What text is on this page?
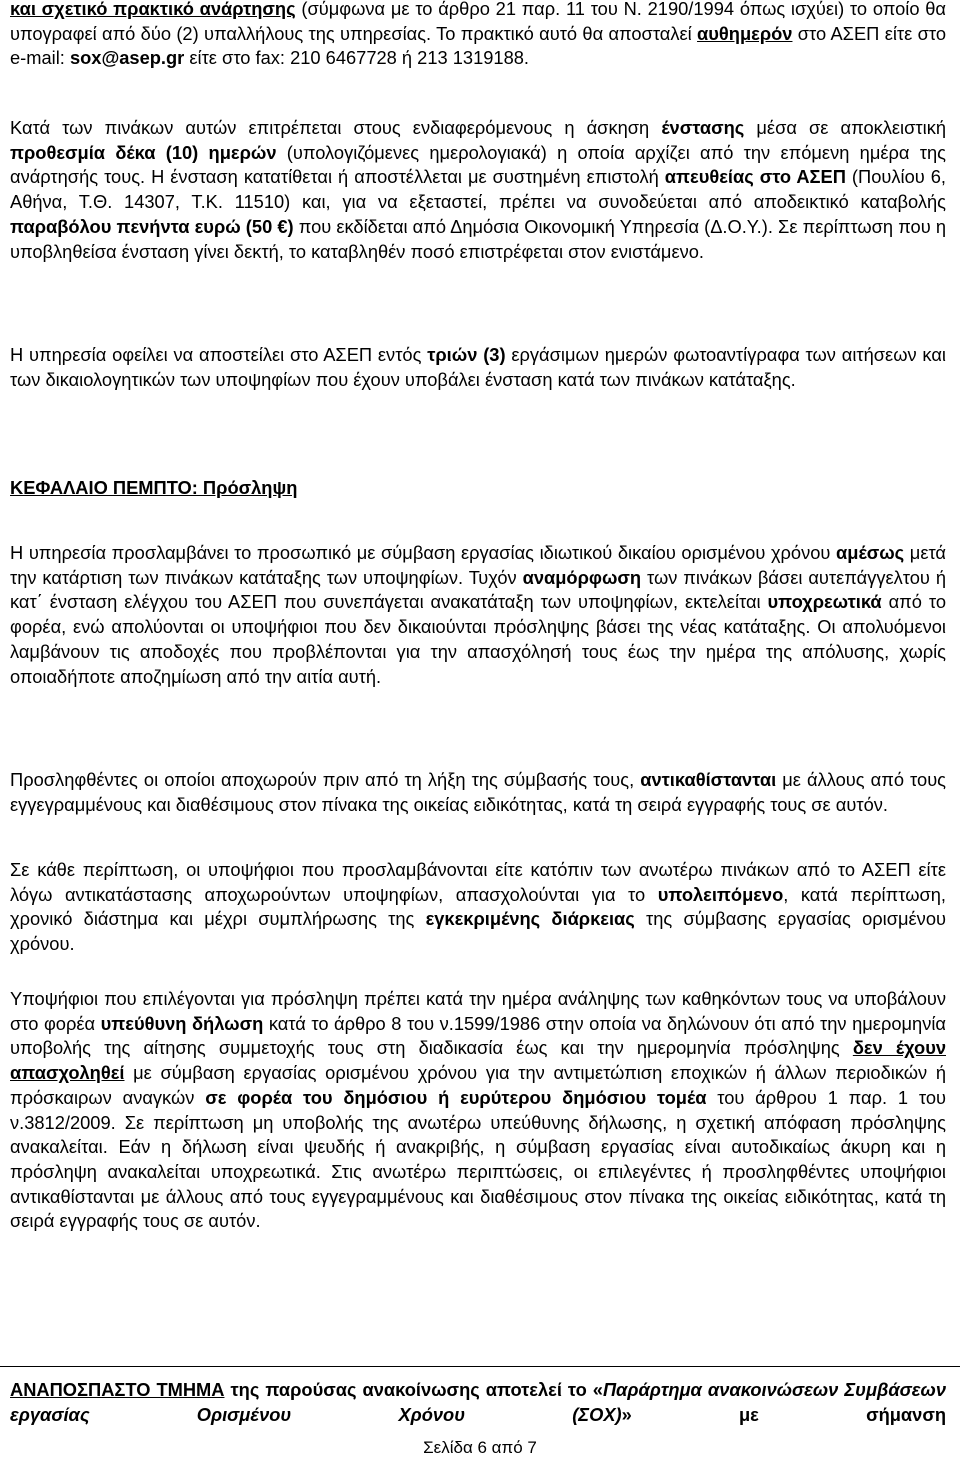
και σχετικό πρακτικό ανάρτησης (σύμφωνα με το άρθρο 21 παρ. 11 του Ν. 2190/1994 όπως ισχύει) το οποίο θα υπογραφεί από δύο (2) υπαλλήλους της υπηρεσίας. Το πρακτικό αυτό θα αποσταλεί αυθημερόν στο ΑΣΕΠ είτε στο e-mail: sox@asep.gr είτε στο fax: 210 6467728 ή 213 1319188.

Κατά των πινάκων αυτών επιτρέπεται στους ενδιαφερόμενους η άσκηση ένστασης μέσα σε αποκλειστική προθεσμία δέκα (10) ημερών (υπολογιζόμενες ημερολογιακά) η οποία αρχίζει από την επόμενη ημέρα της ανάρτησής τους. Η ένσταση κατατίθεται ή αποστέλλεται με συστημένη επιστολή απευθείας στο ΑΣΕΠ (Πουλίου 6, Αθήνα, Τ.Θ. 14307, Τ.Κ. 11510) και, για να εξεταστεί, πρέπει να συνοδεύεται από αποδεικτικό καταβολής παραβόλου πενήντα ευρώ (50 €) που εκδίδεται από Δημόσια Οικονομική Υπηρεσία (Δ.Ο.Υ.). Σε περίπτωση που η υποβληθείσα ένσταση γίνει δεκτή, το καταβληθέν ποσό επιστρέφεται στον ενιστάμενο.

Η υπηρεσία οφείλει να αποστείλει στο ΑΣΕΠ εντός τριών (3) εργάσιμων ημερών φωτοαντίγραφα των αιτήσεων και των δικαιολογητικών των υποψηφίων που έχουν υποβάλει ένσταση κατά των πινάκων κατάταξης.

ΚΕΦΑΛΑΙΟ ΠΕΜΠΤΟ: Πρόσληψη

Η υπηρεσία προσλαμβάνει το προσωπικό με σύμβαση εργασίας ιδιωτικού δικαίου ορισμένου χρόνου αμέσως μετά την κατάρτιση των πινάκων κατάταξης των υποψηφίων. Τυχόν αναμόρφωση των πινάκων βάσει αυτεπάγγελτου ή κατ΄ ένσταση ελέγχου του ΑΣΕΠ που συνεπάγεται ανακατάταξη των υποψηφίων, εκτελείται υποχρεωτικά από το φορέα, ενώ απολύονται οι υποψήφιοι που δεν δικαιούνται πρόσληψης βάσει της νέας κατάταξης. Οι απολυόμενοι λαμβάνουν τις αποδοχές που προβλέπονται για την απασχόλησή τους έως την ημέρα της απόλυσης, χωρίς οποιαδήποτε αποζημίωση από την αιτία αυτή.

Προσληφθέντες οι οποίοι αποχωρούν πριν από τη λήξη της σύμβασής τους, αντικαθίστανται με άλλους από τους εγγεγραμμένους και διαθέσιμους στον πίνακα της οικείας ειδικότητας, κατά τη σειρά εγγραφής τους σε αυτόν.

Σε κάθε περίπτωση, οι υποψήφιοι που προσλαμβάνονται είτε κατόπιν των ανωτέρω πινάκων από το ΑΣΕΠ είτε λόγω αντικατάστασης αποχωρούντων υποψηφίων, απασχολούνται για το υπολειπόμενο, κατά περίπτωση, χρονικό διάστημα και μέχρι συμπλήρωσης της εγκεκριμένης διάρκειας της σύμβασης εργασίας ορισμένου χρόνου.

Υποψήφιοι που επιλέγονται για πρόσληψη πρέπει κατά την ημέρα ανάληψης των καθηκόντων τους να υποβάλουν στο φορέα υπεύθυνη δήλωση κατά το άρθρο 8 του ν.1599/1986 στην οποία να δηλώνουν ότι από την ημερομηνία υποβολής της αίτησης συμμετοχής τους στη διαδικασία έως και την ημερομηνία πρόσληψης δεν έχουν απασχοληθεί με σύμβαση εργασίας ορισμένου χρόνου για την αντιμετώπιση εποχικών ή άλλων περιοδικών ή πρόσκαιρων αναγκών σε φορέα του δημόσιου ή ευρύτερου δημόσιου τομέα του άρθρου 1 παρ. 1 του ν.3812/2009. Σε περίπτωση μη υποβολής της ανωτέρω υπεύθυνης δήλωσης, η σχετική απόφαση πρόσληψης ανακαλείται. Εάν η δήλωση είναι ψευδής ή ανακριβής, η σύμβαση εργασίας είναι αυτοδικαίως άκυρη και η πρόσληψη ανακαλείται υποχρεωτικά. Στις ανωτέρω περιπτώσεις, οι επιλεγέντες ή προσληφθέντες υποψήφιοι αντικαθίστανται με άλλους από τους εγγεγραμμένους και διαθέσιμους στον πίνακα της οικείας ειδικότητας, κατά τη σειρά εγγραφής τους σε αυτόν.

ΑΝΑΠΟΣΠΑΣΤΟ ΤΜΗΜΑ της παρούσας ανακοίνωσης αποτελεί το «Παράρτημα ανακοινώσεων Συμβάσεων εργασίας Ορισμένου Χρόνου (ΣΟΧ)» με σήμανση

Σελίδα 6 από 7
